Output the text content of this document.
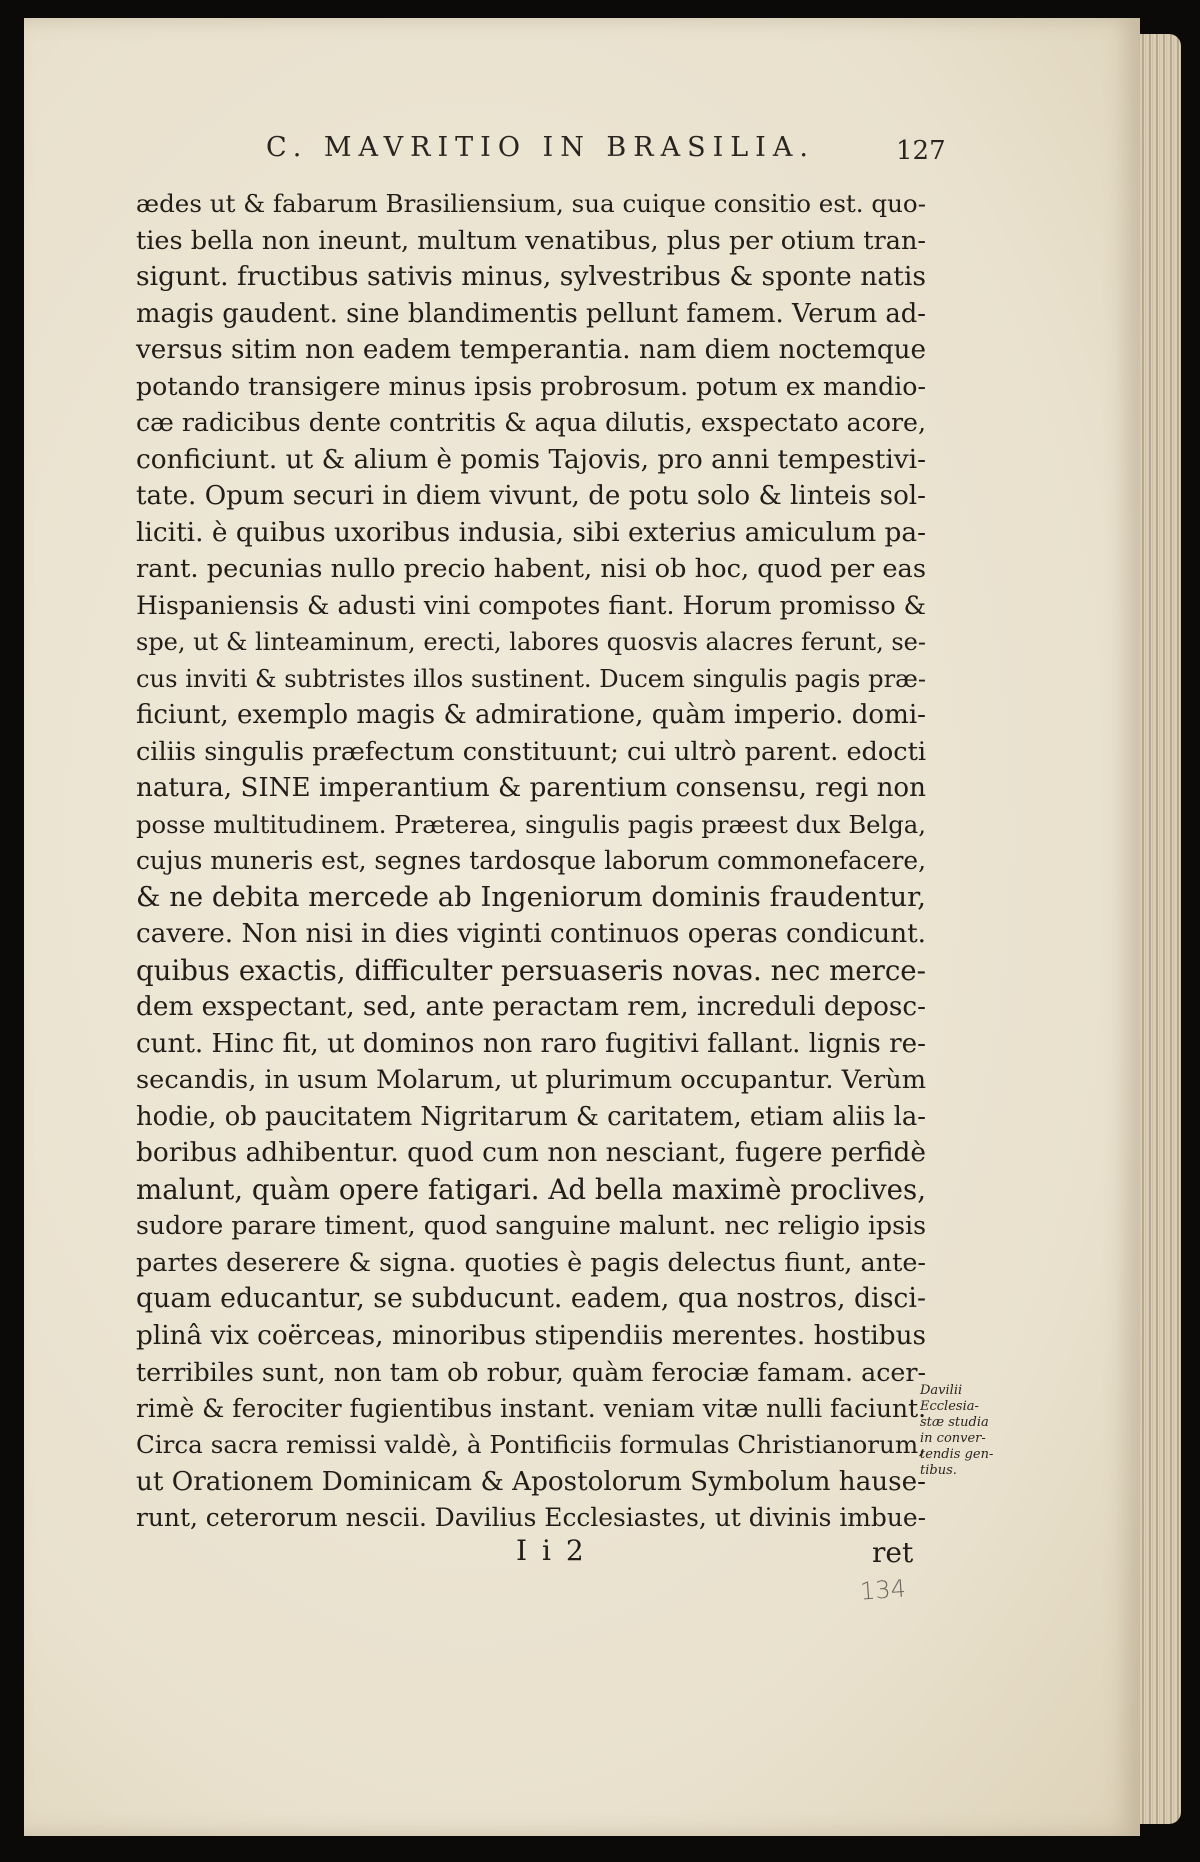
C. MAVRITIO IN BRASILIA.	127
ædes ut & fabarum Brasiliensium, sua cuique consitio est. quo-
ties bella non ineunt, multum venatibus, plus per otium tran-
sigunt. fructibus sativis minus, sylvestribus & sponte natis
magis gaudent. sine blandimentis pellunt famem. Verum ad-
versus sitim non eadem temperantia. nam diem noctemque
potando transigere minus ipsis probrosum. potum ex mandio-
cæ radicibus dente contritis & aqua dilutis, exspectato acore,
conficiunt. ut & alium è pomis Tajovis, pro anni tempestivi-
tate. Opum securi in diem vivunt, de potu solo & linteis sol-
liciti. è quibus uxoribus indusia, sibi exterius amiculum pa-
rant. pecunias nullo precio habent, nisi ob hoc, quod per eas
Hispaniensis & adusti vini compotes fiant. Horum promisso &
spe, ut & linteaminum, erecti, labores quosvis alacres ferunt, se-
cus inviti & subtristes illos sustinent. Ducem singulis pagis præ-
ficiunt, exemplo magis & admiratione, quàm imperio. domi-
ciliis singulis præfectum constituunt; cui ultrò parent. edocti
natura, SINE imperantium & parentium consensu, regi non
posse multitudinem. Præterea, singulis pagis præest dux Belga,
cujus muneris est, segnes tardosque laborum commonefacere,
& ne debita mercede ab Ingeniorum dominis fraudentur,
cavere. Non nisi in dies viginti continuos operas condicunt.
quibus exactis, difficulter persuaseris novas. nec merce-
dem exspectant, sed, ante peractam rem, increduli deposc-
cunt. Hinc fit, ut dominos non raro fugitivi fallant. lignis re-
secandis, in usum Molarum, ut plurimum occupantur. Verùm
hodie, ob paucitatem Nigritarum & caritatem, etiam aliis la-
boribus adhibentur. quod cum non nesciant, fugere perfidè
malunt, quàm opere fatigari. Ad bella maximè proclives,
sudore parare timent, quod sanguine malunt. nec religio ipsis
partes deserere & signa. quoties è pagis delectus fiunt, ante-
quam educantur, se subducunt. eadem, qua nostros, disci-
plinâ vix coërceas, minoribus stipendiis merentes. hostibus
terribiles sunt, non tam ob robur, quàm ferociæ famam. acer-
rimè & ferociter fugientibus instant. veniam vitæ nulli faciunt.
Circa sacra remissi valdè, à Pontificiis formulas Christianorum,
ut Orationem Dominicam & Apostolorum Symbolum hause-
runt, ceterorum nescii. Davilius Ecclesiastes, ut divinis imbue-
Davilii
Ecclesia-
stæ studia
in conver-
tendis gen-
tibus.
I i 2	ret
134
